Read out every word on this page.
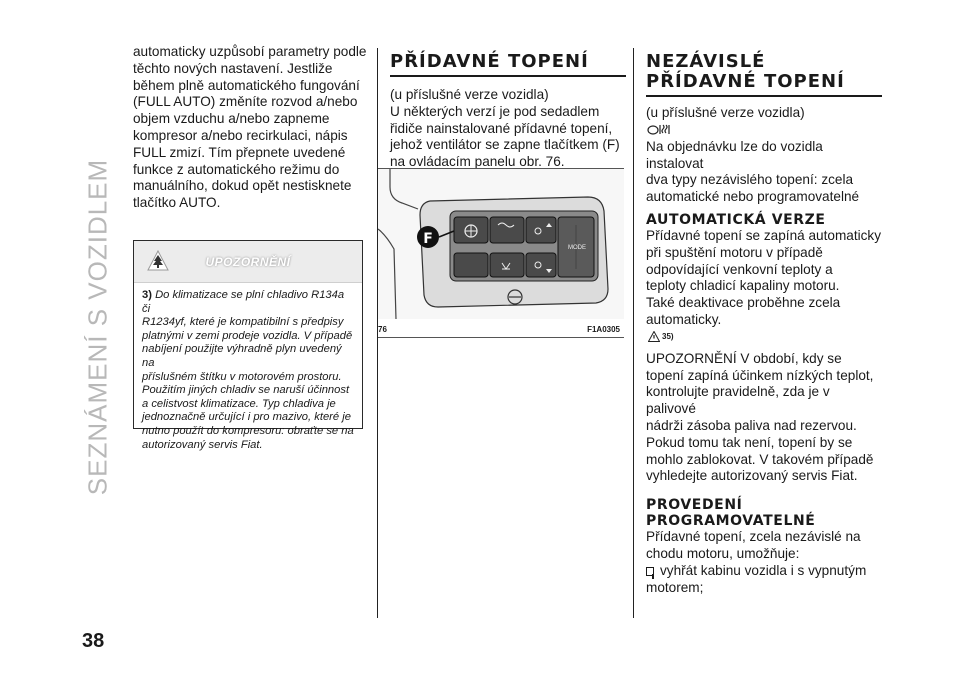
SEZNÁMENÍ S VOZIDLEM
38

automaticky uzpůsobí parametry podle

těchto nových nastavení. Jestliže

během plně automatického fungování

(FULL AUTO) změníte rozvod a/nebo

objem vzduchu a/nebo zapneme

kompresor a/nebo recirkulaci, nápis

FULL zmizí. Tím přepnete uvedené

funkce z automatického režimu do

manuálního, dokud opět nestisknete

tlačítko AUTO.

UPOZORNĚNÍ
3) Do klimatizace se plní chladivo R134a či
R1234yf, které je kompatibilní s předpisy
platnými v zemi prodeje vozidla. V případě
nabíjení použijte výhradně plyn uvedený na
příslušném štítku v motorovém prostoru.
Použitím jiných chladiv se naruší účinnost
a celistvost klimatizace. Typ chladiva je
jednoznačně určující i pro mazivo, které je
nutno použít do kompresoru: obraťte se na
autorizovaný servis Fiat.
PŘÍDAVNÉ TOPENÍ

(u příslušné verze vozidla)

U některých verzí je pod sedadlem

řidiče nainstalované přídavné topení,

jehož ventilátor se zapne tlačítkem (F)

na ovládacím panelu obr. 76.

F
MODE
76	F1A0305
NEZÁVISLÉ
PŘÍDAVNÉ TOPENÍ

(u příslušné verze vozidla)

Na objednávku lze do vozidla instalovat

dva typy nezávislého topení: zcela

automatické nebo programovatelné

AUTOMATICKÁ VERZE

Přídavné topení se zapíná automaticky

při spuštění motoru v případě

odpovídající venkovní teploty a

teploty chladicí kapaliny motoru.

Také deaktivace proběhne zcela

automaticky.

35)

UPOZORNĚNÍ V období, kdy se

topení zapíná účinkem nízkých teplot,

kontrolujte pravidelně, zda je v palivové

nádrži zásoba paliva nad rezervou.

Pokud tomu tak není, topení by se

mohlo zablokovat. V takovém případě

vyhledejte autorizovaný servis Fiat.

PROVEDENÍ
PROGRAMOVATELNÉ

Přídavné topení, zcela nezávislé na

chodu motoru, umožňuje:

vyhřát kabinu vozidla i s vypnutým

motorem;
